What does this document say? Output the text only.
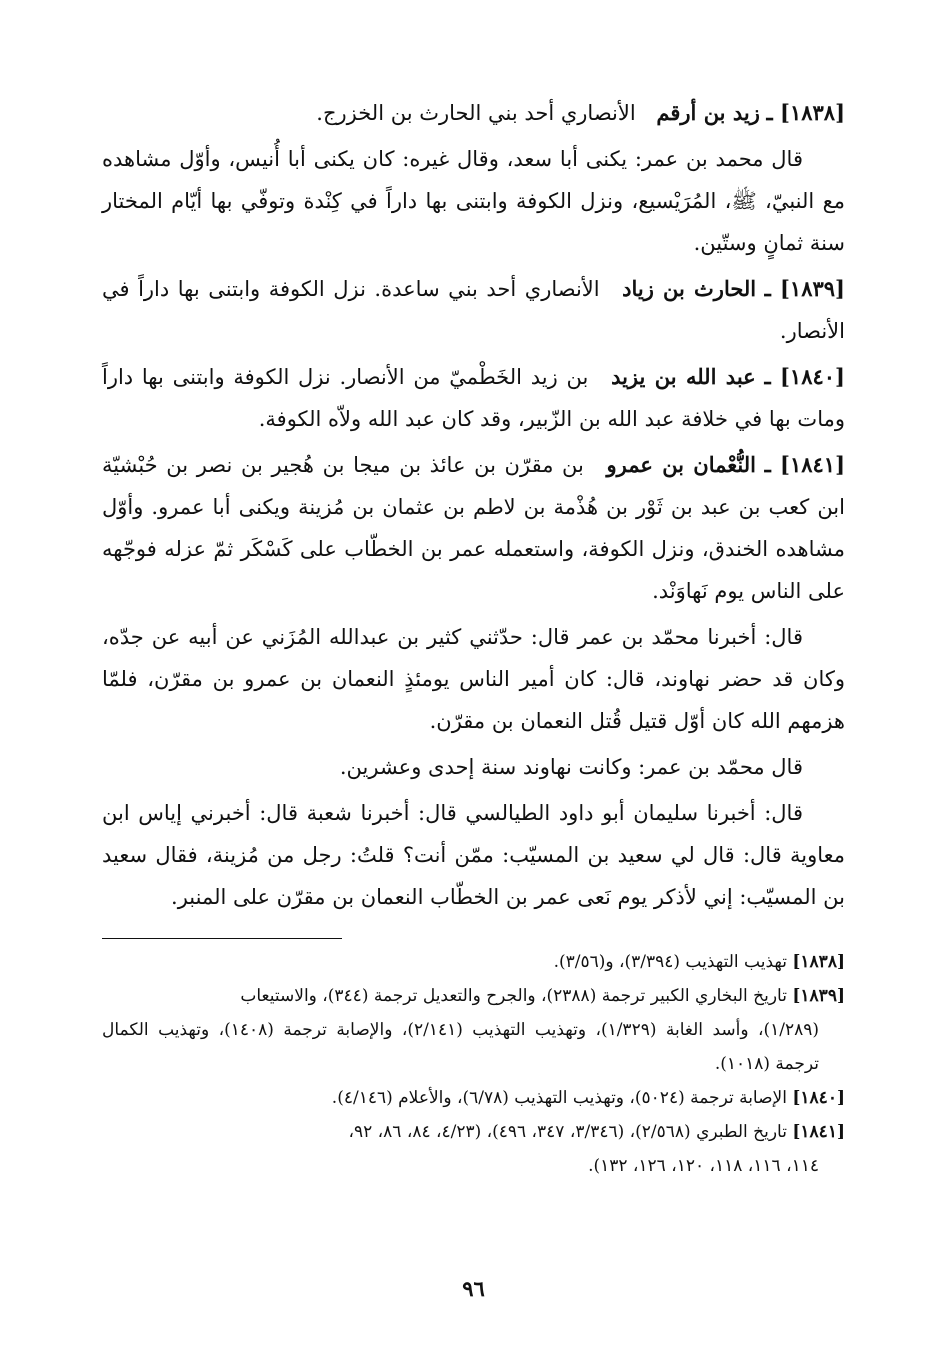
[١٨٣٨] ـ زيد بن أرقم الأنصاري أحد بني الحارث بن الخزرج.

قال محمد بن عمر: يكنى أبا سعد، وقال غيره: كان يكنى أبا أُنيس، وأوّل مشاهده مع النبيّ، ﷺ، المُرَيْسيع، ونزل الكوفة وابتنى بها داراً في كِنْدة وتوفّي بها أيّام المختار سنة ثمانٍ وستّين.

[١٨٣٩] ـ الحارث بن زياد الأنصاري أحد بني ساعدة. نزل الكوفة وابتنى بها داراً في الأنصار.

[١٨٤٠] ـ عبد الله بن يزيد بن زيد الخَطْميّ من الأنصار. نزل الكوفة وابتنى بها داراً ومات بها في خلافة عبد الله بن الزّبير، وقد كان عبد الله ولاّه الكوفة.

[١٨٤١] ـ النُّعْمان بن عمرو بن مقرّن بن عائذ بن ميجا بن هُجير بن نصر بن حُبْشيّة ابن كعب بن عبد بن ثَوْر بن هُذْمة بن لاطم بن عثمان بن مُزينة ويكنى أبا عمرو. وأوّل مشاهده الخندق، ونزل الكوفة، واستعمله عمر بن الخطّاب على كَسْكَر ثمّ عزله فوجّهه على الناس يوم نَهاوَنْد.

قال: أخبرنا محمّد بن عمر قال: حدّثني كثير بن عبدالله المُزَني عن أبيه عن جدّه، وكان قد حضر نهاوند، قال: كان أمير الناس يومئذٍ النعمان بن عمرو بن مقرّن، فلمّا هزمهم الله كان أوّل قتيل قُتل النعمان بن مقرّن.

قال محمّد بن عمر: وكانت نهاوند سنة إحدى وعشرين.

قال: أخبرنا سليمان أبو داود الطيالسي قال: أخبرنا شعبة قال: أخبرني إياس ابن معاوية قال: قال لي سعيد بن المسيّب: ممّن أنت؟ قلتُ: رجل من مُزينة، فقال سعيد بن المسيّب: إني لأذكر يوم نَعى عمر بن الخطّاب النعمان بن مقرّن على المنبر.

[١٨٣٨] تهذيب التهذيب (٣/٣٩٤)، و(٣/٥٦).

[١٨٣٩] تاريخ البخاري الكبير ترجمة (٢٣٨٨)، والجرح والتعديل ترجمة (٣٤٤)، والاستيعاب
(١/٢٨٩)، وأسد الغابة (١/٣٢٩)، وتهذيب التهذيب (٢/١٤١)، والإصابة ترجمة (١٤٠٨)، وتهذيب الكمال ترجمة (١٠١٨).

[١٨٤٠] الإصابة ترجمة (٥٠٢٤)، وتهذيب التهذيب (٦/٧٨)، والأعلام (٤/١٤٦).

[١٨٤١] تاريخ الطبري (٢/٥٦٨)، (٣/٣٤٦، ٣٤٧، ٤٩٦)، (٤/٢٣، ٨٤، ٨٦، ٩٢،
١١٤، ١١٦، ١١٨، ١٢٠، ١٢٦، ١٣٢).

٩٦
